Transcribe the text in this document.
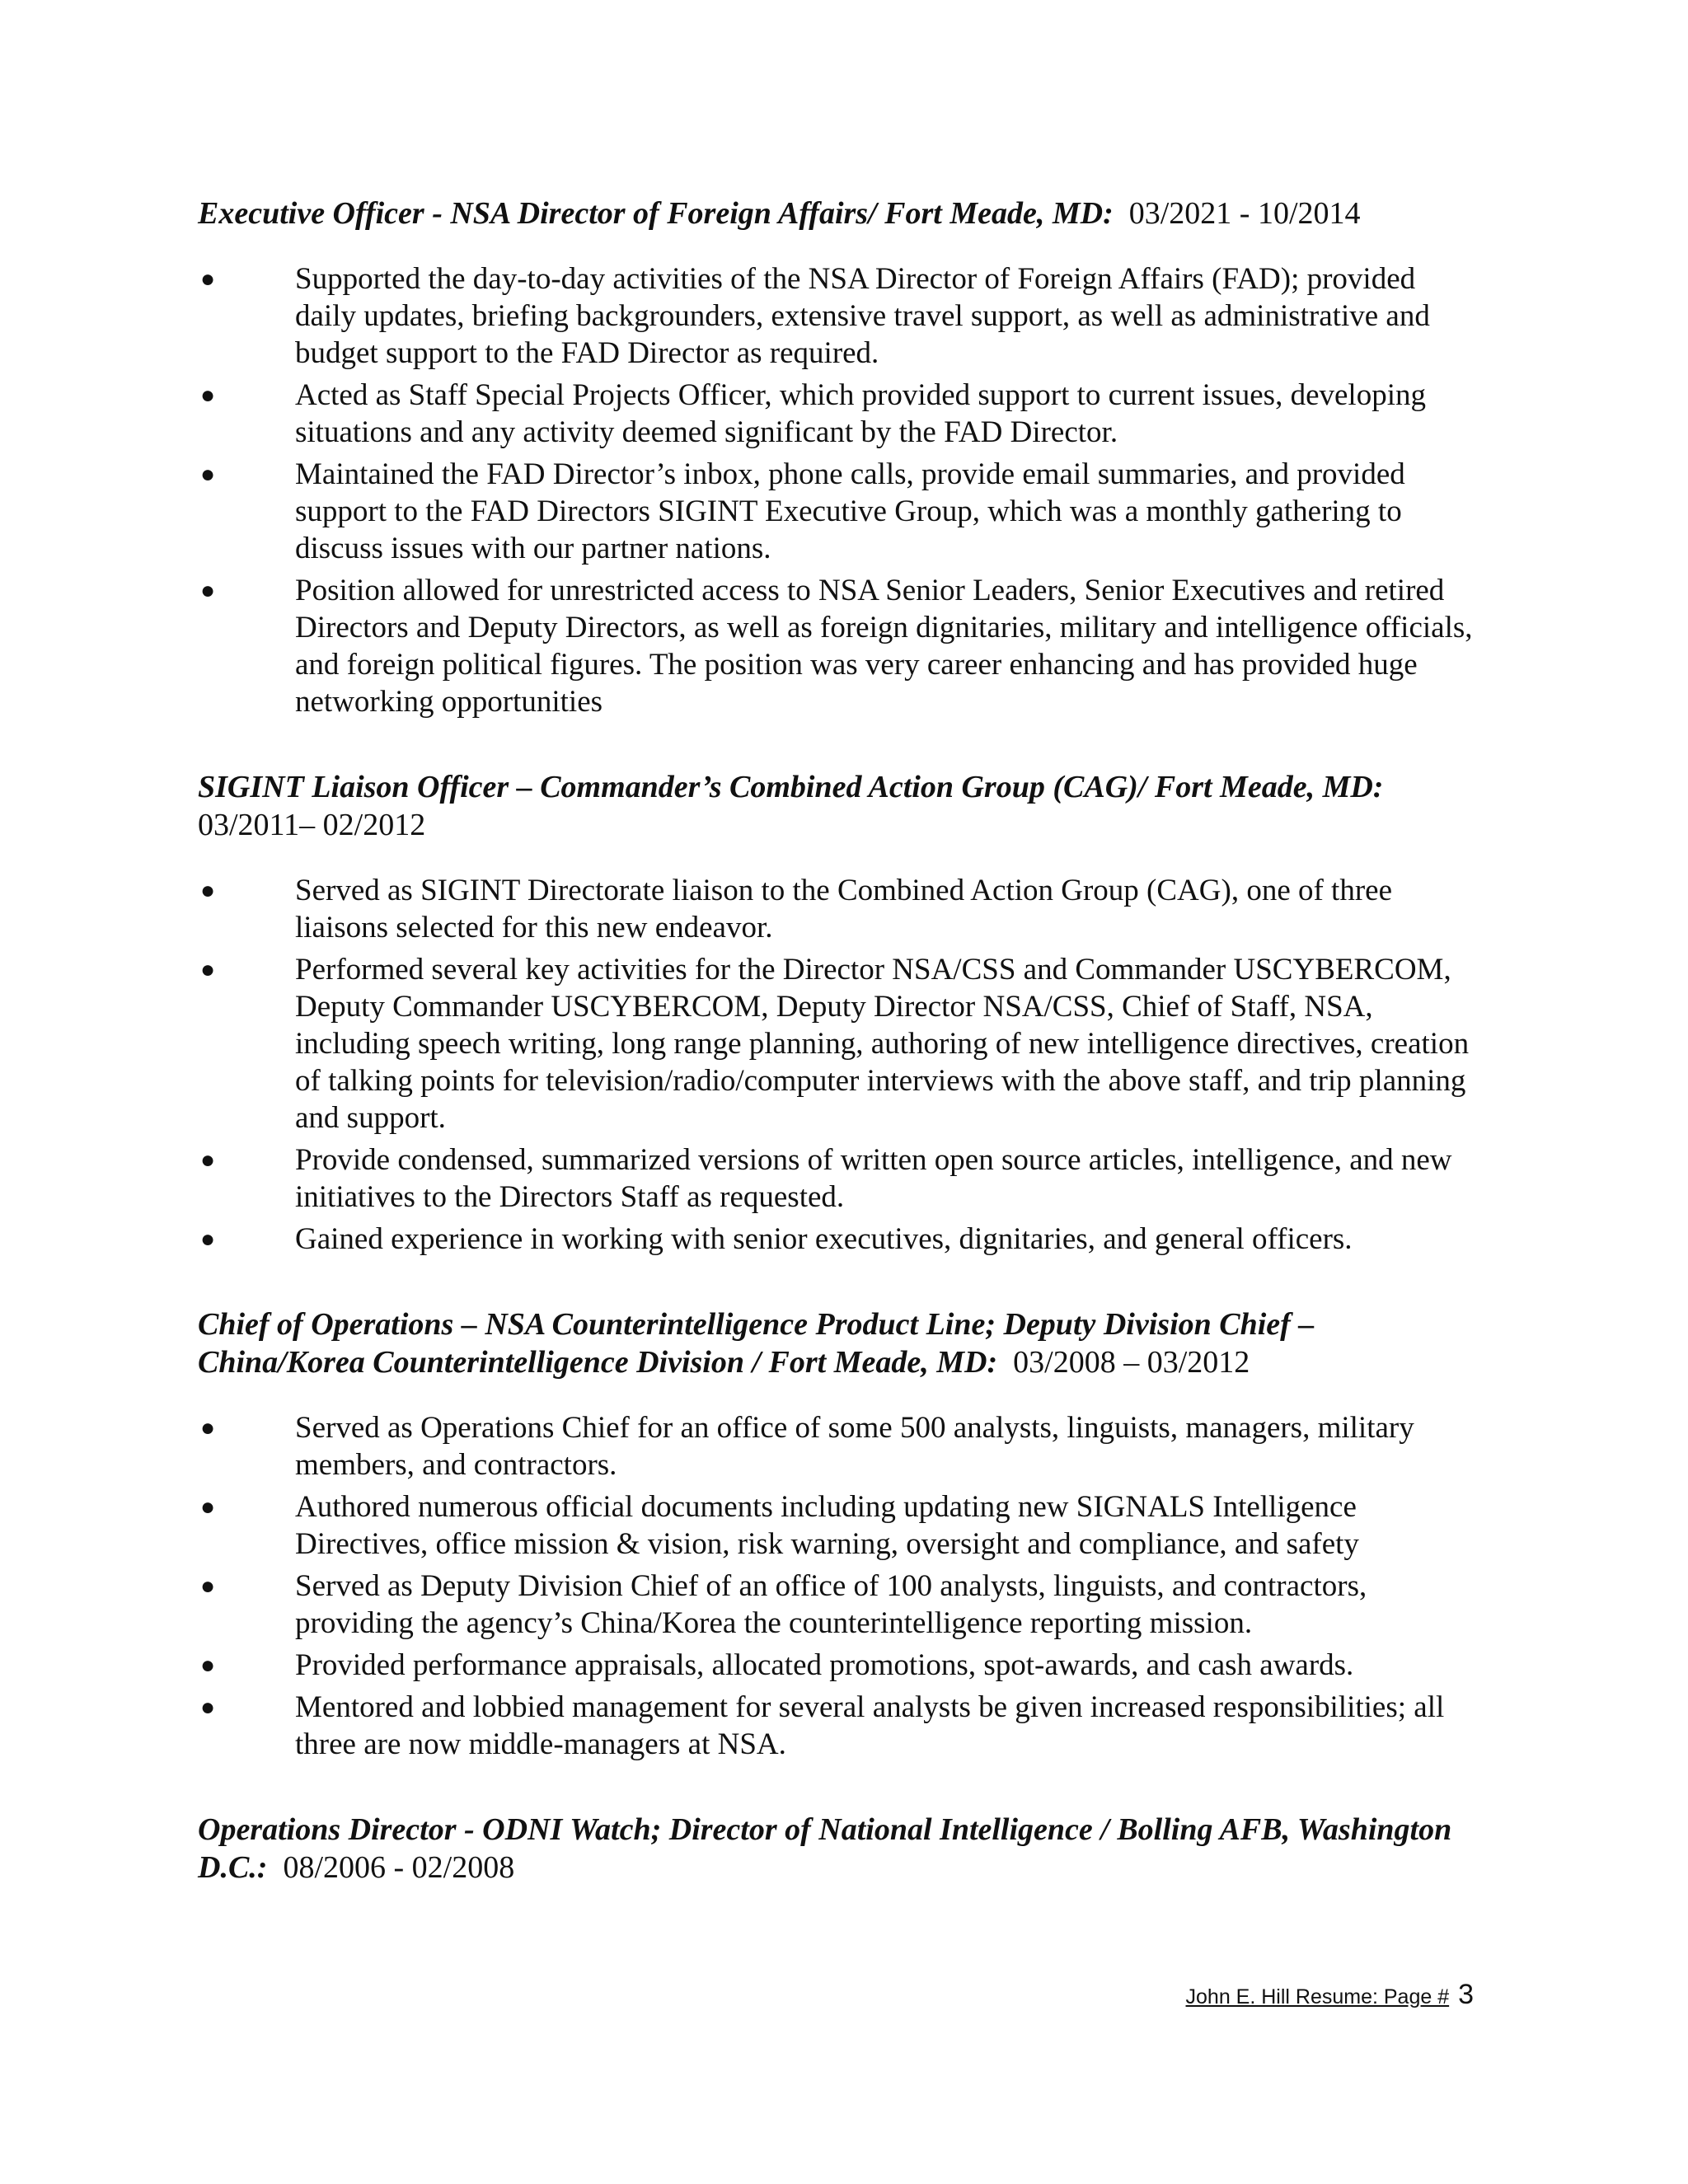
Executive Officer - NSA Director of Foreign Affairs/ Fort Meade, MD: 03/2021 - 10/2014
●	Supported the day-to-day activities of the NSA Director of Foreign Affairs (FAD); provided daily updates, briefing backgrounders, extensive travel support, as well as administrative and budget support to the FAD Director as required.
●	Acted as Staff Special Projects Officer, which provided support to current issues, developing situations and any activity deemed significant by the FAD Director.
●	Maintained the FAD Director’s inbox, phone calls, provide email summaries, and provided support to the FAD Directors SIGINT Executive Group, which was a monthly gathering to discuss issues with our partner nations.
●	Position allowed for unrestricted access to NSA Senior Leaders, Senior Executives and retired Directors and Deputy Directors, as well as foreign dignitaries, military and intelligence officials, and foreign political figures. The position was very career enhancing and has provided huge networking opportunities
SIGINT Liaison Officer – Commander’s Combined Action Group (CAG)/ Fort Meade, MD:
03/2011– 02/2012
●	Served as SIGINT Directorate liaison to the Combined Action Group (CAG), one of three liaisons selected for this new endeavor.
●	Performed several key activities for the Director NSA/CSS and Commander USCYBERCOM, Deputy Commander USCYBERCOM, Deputy Director NSA/CSS, Chief of Staff, NSA, including speech writing, long range planning, authoring of new intelligence directives, creation of talking points for television/radio/computer interviews with the above staff, and trip planning and support.
●	Provide condensed, summarized versions of written open source articles, intelligence, and new initiatives to the Directors Staff as requested.
●	Gained experience in working with senior executives, dignitaries, and general officers.
Chief of Operations – NSA Counterintelligence Product Line; Deputy Division Chief – China/Korea Counterintelligence Division / Fort Meade, MD: 03/2008 – 03/2012
●	Served as Operations Chief for an office of some 500 analysts, linguists, managers, military members, and contractors.
●	Authored numerous official documents including updating new SIGNALS Intelligence Directives, office mission & vision, risk warning, oversight and compliance, and safety
●	Served as Deputy Division Chief of an office of 100 analysts, linguists, and contractors, providing the agency’s China/Korea the counterintelligence reporting mission.
●	Provided performance appraisals, allocated promotions, spot-awards, and cash awards.
●	Mentored and lobbied management for several analysts be given increased responsibilities; all three are now middle-managers at NSA.
Operations Director - ODNI Watch; Director of National Intelligence / Bolling AFB, Washington D.C.: 08/2006 - 02/2008
John E. Hill Resume: Page # 3
